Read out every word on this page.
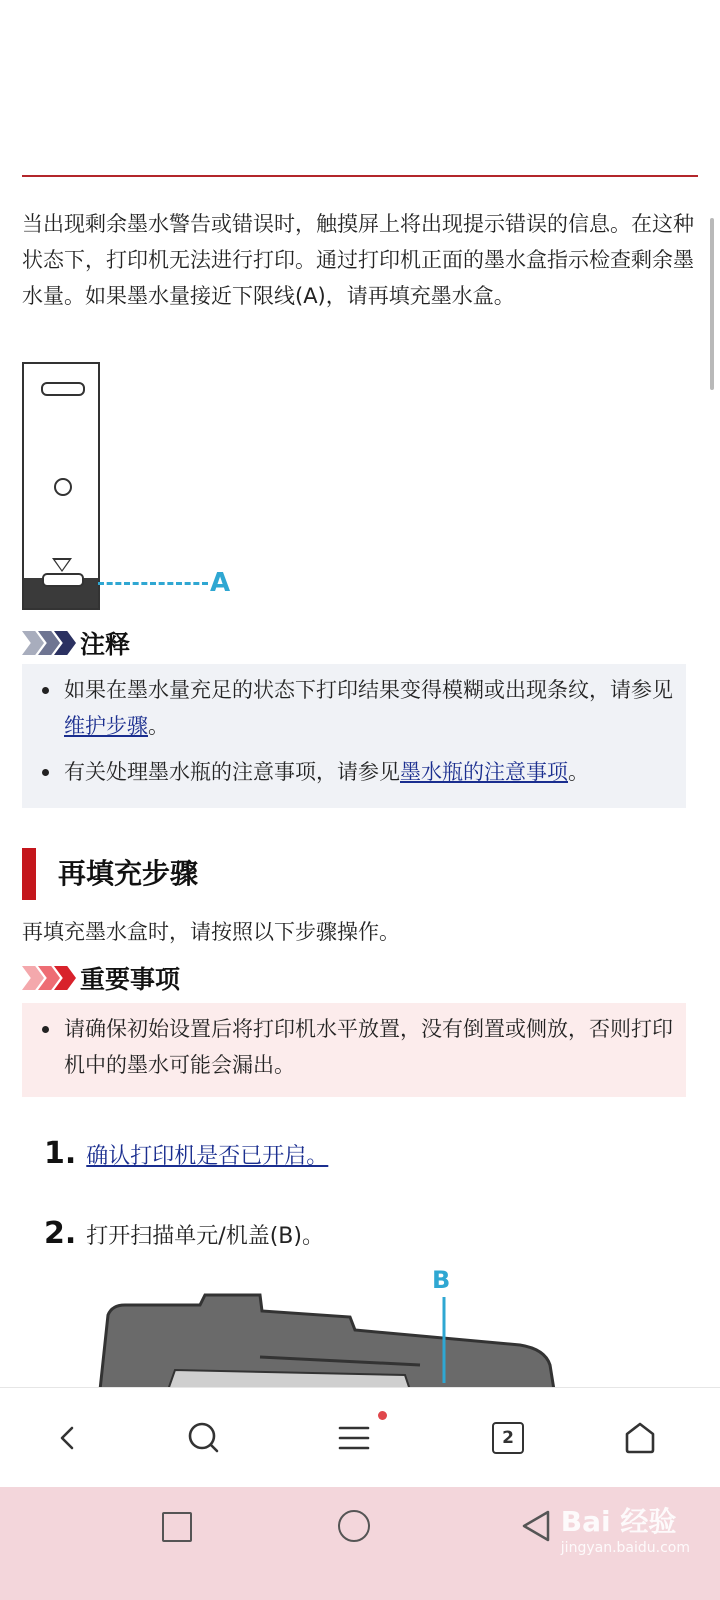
当出现剩余墨水警告或错误时，触摸屏上将出现提示错误的信息。在这种状态下，打印机无法进行打印。通过打印机正面的墨水盒指示检查剩余墨水量。如果墨水量接近下限线(A)，请再填充墨水盒。

A
注释
如果在墨水量充足的状态下打印结果变得模糊或出现条纹，请参见维护步骤。
有关处理墨水瓶的注意事项，请参见墨水瓶的注意事项。
再填充步骤
再填充墨水盒时，请按照以下步骤操作。
重要事项
请确保初始设置后将打印机水平放置，没有倒置或侧放，否则打印机中的墨水可能会漏出。
1. 确认打印机是否已开启。
2. 打开扫描单元/机盖(B)。
B
2
Bai 经验
jingyan.baidu.com
